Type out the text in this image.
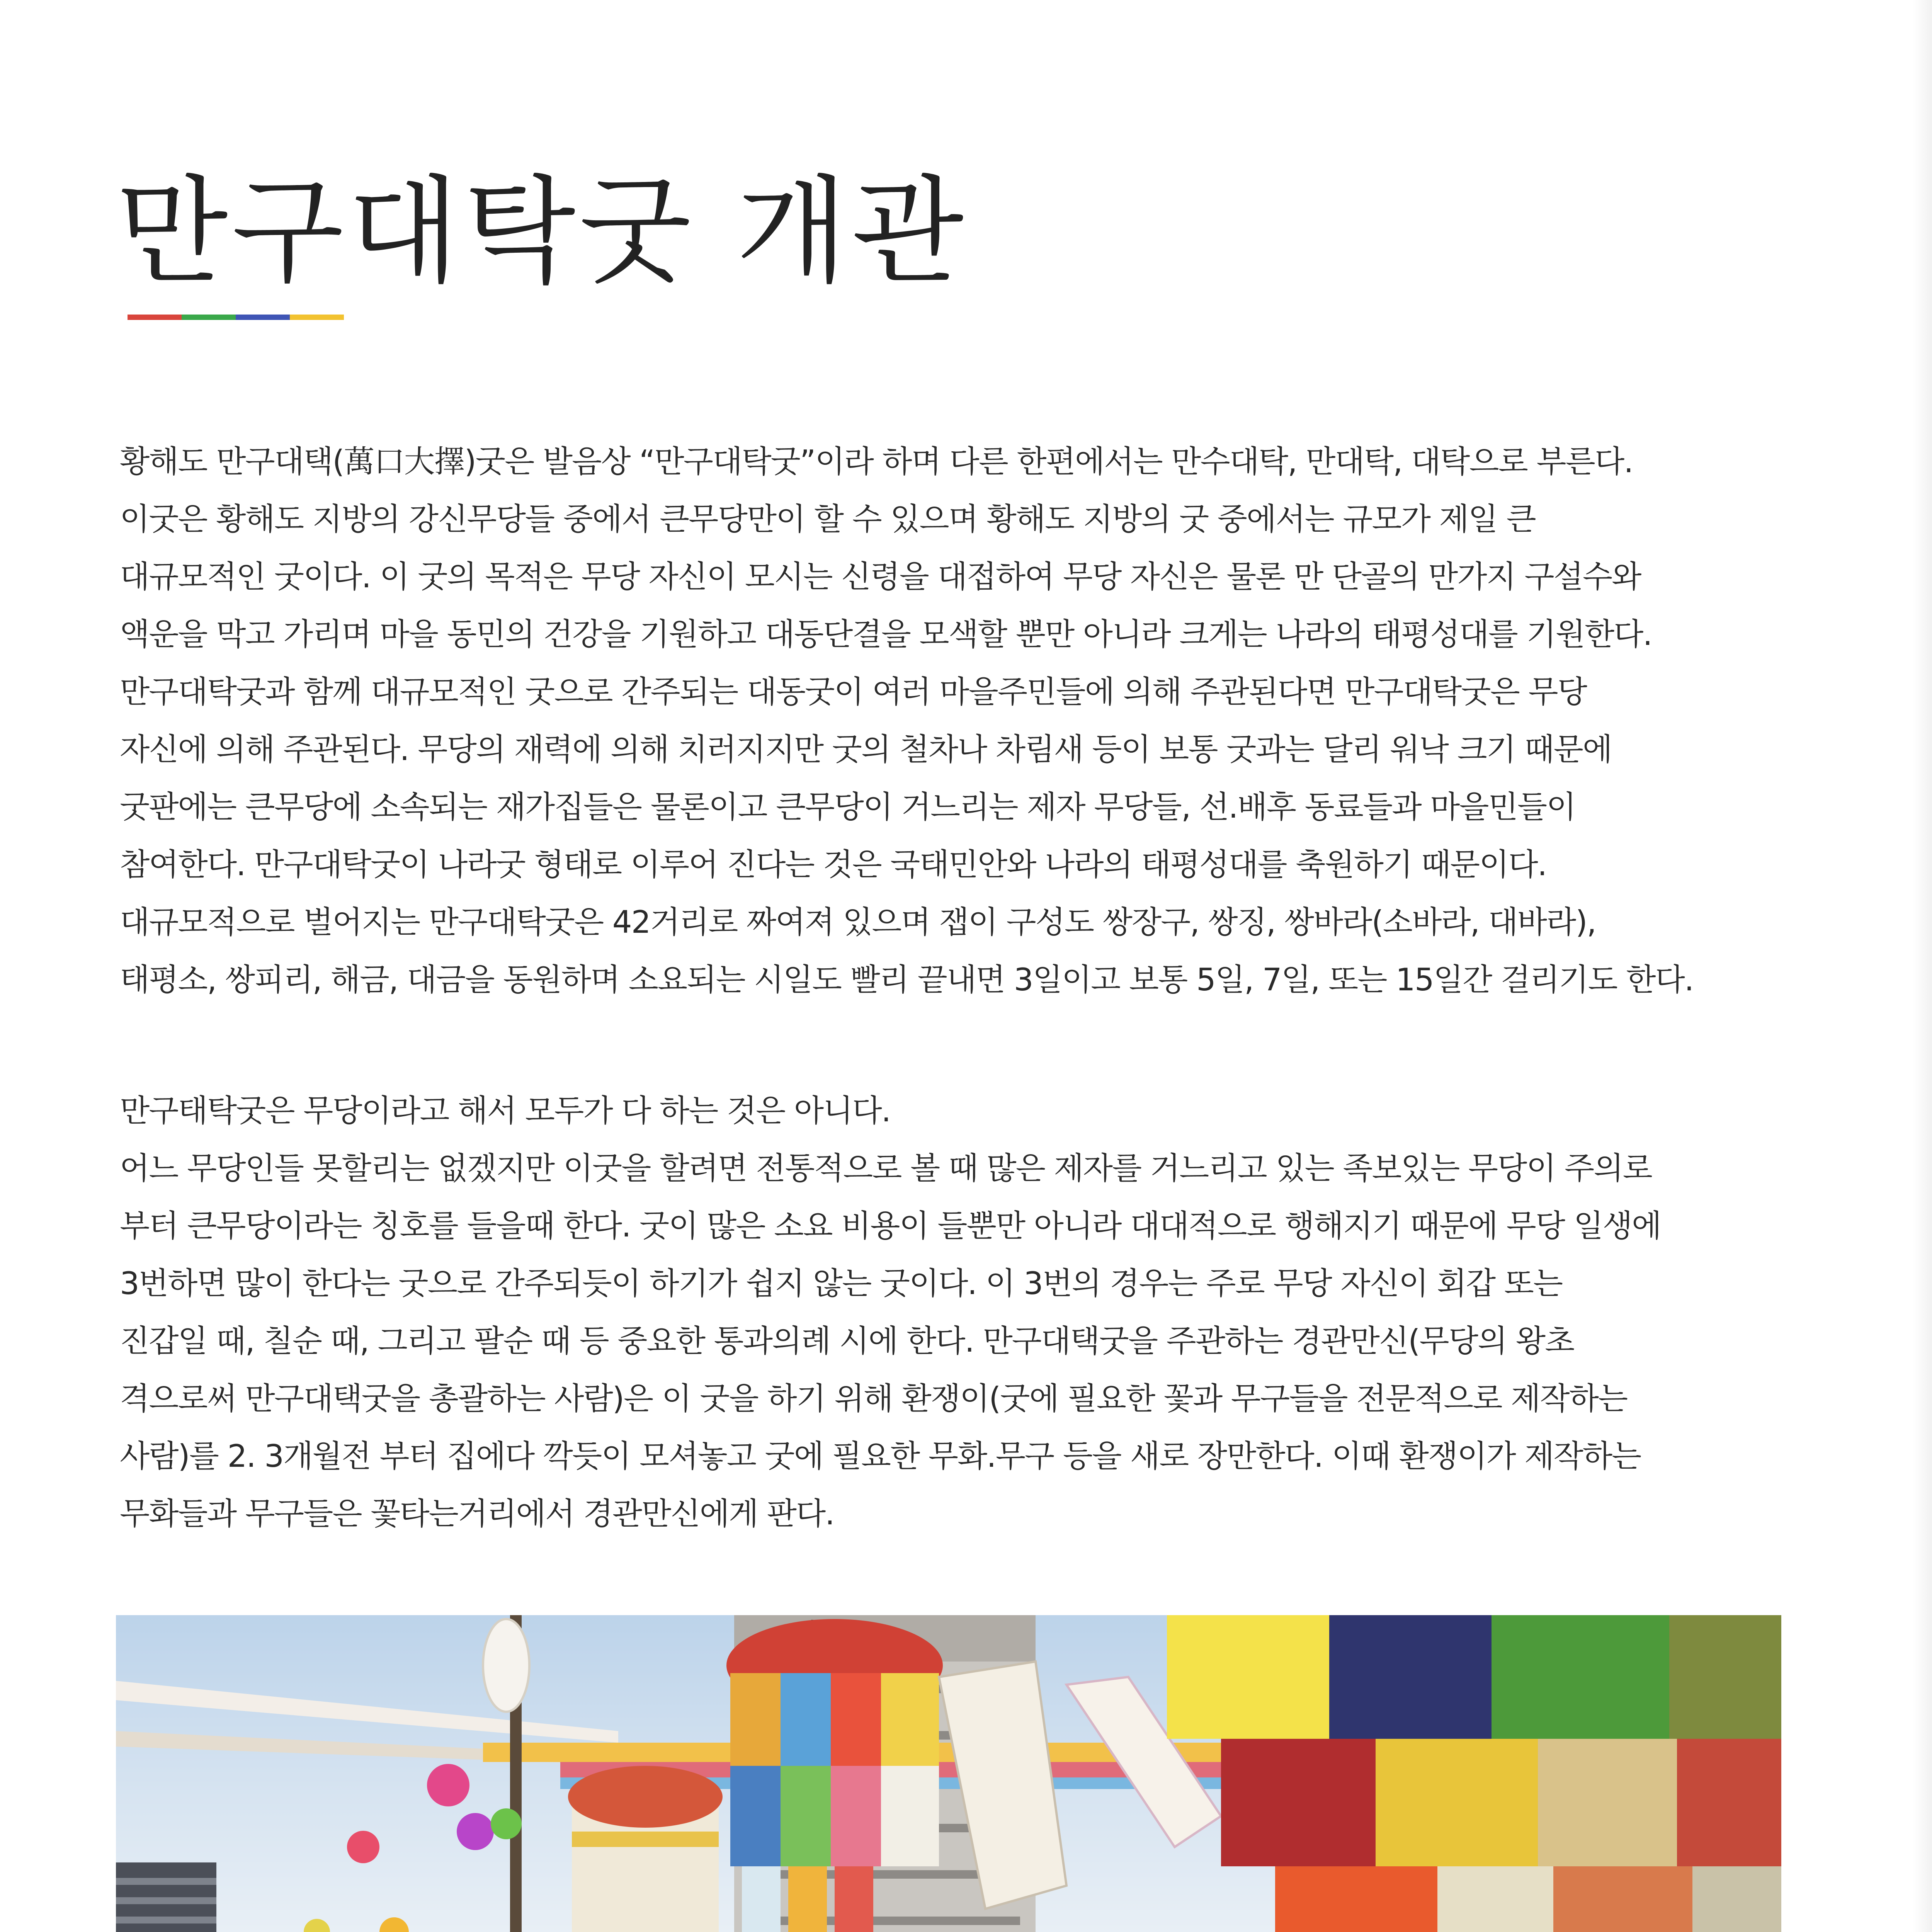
만구대탁굿 개관
황해도 만구대택(萬口大擇)굿은 발음상 “만구대탁굿”이라 하며 다른 한편에서는 만수대탁, 만대탁, 대탁으로 부른다.
이굿은 황해도 지방의 강신무당들 중에서 큰무당만이 할 수 있으며 황해도 지방의 굿 중에서는 규모가 제일 큰
대규모적인 굿이다. 이 굿의 목적은 무당 자신이 모시는 신령을 대접하여 무당 자신은 물론 만 단골의 만가지 구설수와
액운을 막고 가리며 마을 동민의 건강을 기원하고 대동단결을 모색할 뿐만 아니라 크게는 나라의 태평성대를 기원한다.
만구대탁굿과 함께 대규모적인 굿으로 간주되는 대동굿이 여러 마을주민들에 의해 주관된다면 만구대탁굿은 무당
자신에 의해 주관된다. 무당의 재력에 의해 치러지지만 굿의 철차나 차림새 등이 보통 굿과는 달리 워낙 크기 때문에
굿판에는 큰무당에 소속되는 재가집들은 물론이고 큰무당이 거느리는 제자 무당들, 선.배후 동료들과 마을민들이
참여한다. 만구대탁굿이 나라굿 형태로 이루어 진다는 것은 국태민안와 나라의 태평성대를 축원하기 때문이다.
대규모적으로 벌어지는 만구대탁굿은 42거리로 짜여져 있으며 잽이 구성도 쌍장구, 쌍징, 쌍바라(소바라, 대바라),
태평소, 쌍피리, 해금, 대금을 동원하며 소요되는 시일도 빨리 끝내면 3일이고 보통 5일, 7일, 또는 15일간 걸리기도 한다.
만구태탁굿은 무당이라고 해서 모두가 다 하는 것은 아니다.
어느 무당인들 못할리는 없겠지만 이굿을 할려면 전통적으로 볼 때 많은 제자를 거느리고 있는 족보있는 무당이 주의로
부터 큰무당이라는 칭호를 들을때 한다. 굿이 많은 소요 비용이 들뿐만 아니라 대대적으로 행해지기 때문에 무당 일생에
3번하면 많이 한다는 굿으로 간주되듯이 하기가 쉽지 않는 굿이다. 이 3번의 경우는 주로 무당 자신이 회갑 또는
진갑일 때, 칠순 때, 그리고 팔순 때 등 중요한 통과의례 시에 한다. 만구대택굿을 주관하는 경관만신(무당의 왕초
격으로써 만구대택굿을 총괄하는 사람)은 이 굿을 하기 위해 환쟁이(굿에 필요한 꽃과 무구들을 전문적으로 제작하는
사람)를 2. 3개월전 부터 집에다 깍듯이 모셔놓고 굿에 필요한 무화.무구 등을 새로 장만한다. 이때 환쟁이가 제작하는
무화들과 무구들은 꽃타는거리에서 경관만신에게 판다.
